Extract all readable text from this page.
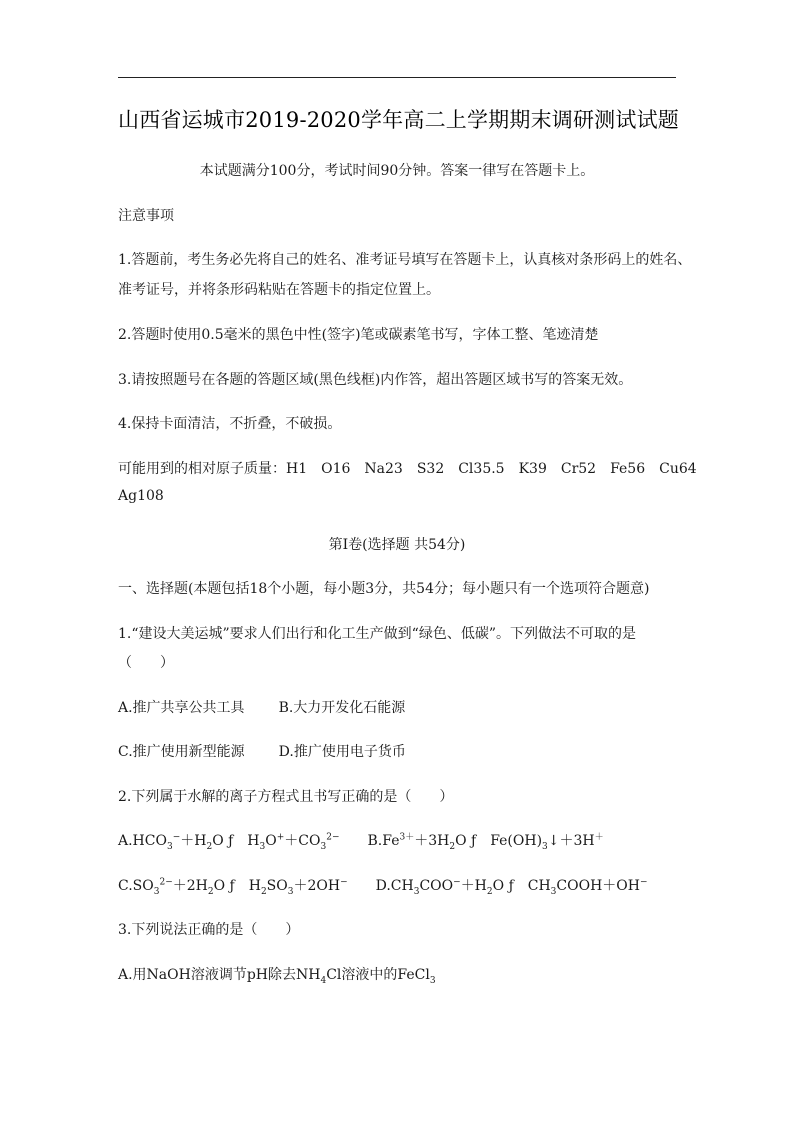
山西省运城市2019-2020学年高二上学期期末调研测试试题
本试题满分100分，考试时间90分钟。答案一律写在答题卡上。
注意事项
1.答题前，考生务必先将自己的姓名、准考证号填写在答题卡上，认真核对条形码上的姓名、
准考证号，并将条形码粘贴在答题卡的指定位置上。
2.答题时使用0.5毫米的黑色中性(签字)笔或碳素笔书写，字体工整、笔迹清楚
3.请按照题号在各题的答题区域(黑色线框)内作答，超出答题区域书写的答案无效。
4.保持卡面清洁，不折叠，不破损。
可能用到的相对原子质量：H1　O16　Na23　S32　Cl35.5　K39　Cr52　Fe56　Cu64
Ag108
第Ⅰ卷(选择题 共54分)
一、选择题(本题包括18个小题，每小题3分，共54分；每小题只有一个选项符合题意)
1.“建设大美运城”要求人们出行和化工生产做到“绿色、低碳”。下列做法不可取的是
（　　）
A.推广共享公共工具 B.大力开发化石能源
C.推广使用新型能源 D.推广使用电子货币
2.下列属于水解的离子方程式且书写正确的是（　　）
$A.HCO_3^-+H_2O$ ƒ　$H_3O^++CO_3^{2-}$ $B.Fe^{3+}+3H_2O$ ƒ　$Fe(OH)_3↓+3H^+$
$C.SO_3^{2-}+2H_2O$ ƒ　$H_2SO_3+2OH^-$ $D.CH_3COO^-+H_2O$ ƒ　$CH_3COOH+OH^-$
3.下列说法正确的是（　　）
A.用NaOH溶液调节pH除去$NH_4Cl$溶液中的FeCl$_3$
